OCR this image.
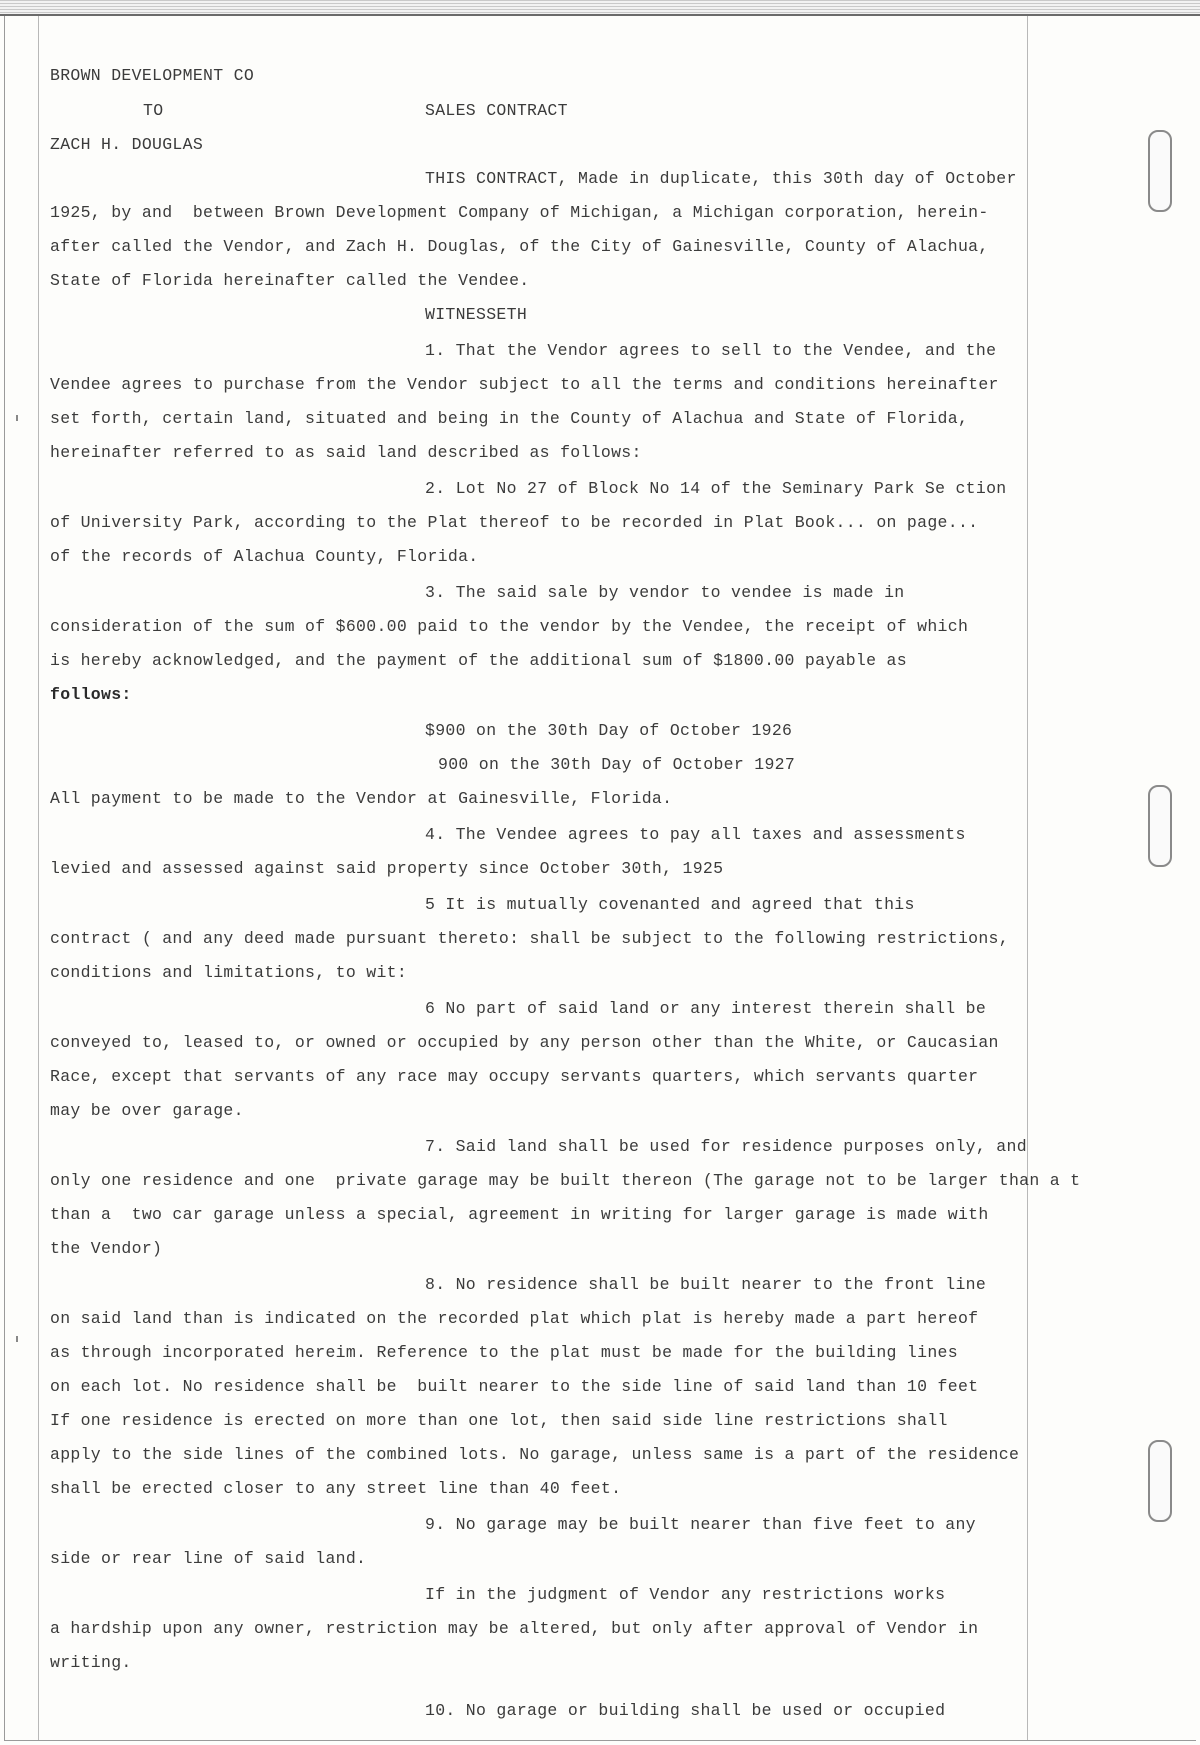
BROWN DEVELOPMENT CO

TO	SALES CONTRACT

ZACH H. DOUGLAS

THIS CONTRACT, Made in duplicate, this 30th day of October

1925, by and  between Brown Development Company of Michigan, a Michigan corporation, herein-

after called the Vendor, and Zach H. Douglas, of the City of Gainesville, County of Alachua,

State of Florida hereinafter called the Vendee.

WITNESSETH

1. That the Vendor agrees to sell to the Vendee, and the

Vendee agrees to purchase from the Vendor subject to all the terms and conditions hereinafter

set forth, certain land, situated and being in the County of Alachua and State of Florida,

hereinafter referred to as said land described as follows:

2. Lot No 27 of Block No 14 of the Seminary Park Se ction

of University Park, according to the Plat thereof to be recorded in Plat Book... on page...

of the records of Alachua County, Florida.

3. The said sale by vendor to vendee is made in

consideration of the sum of $600.00 paid to the vendor by the Vendee, the receipt of which

is hereby acknowledged, and the payment of the additional sum of $1800.00 payable as

follows:

$900 on the 30th Day of October 1926

900 on the 30th Day of October 1927

All payment to be made to the Vendor at Gainesville, Florida.

4. The Vendee agrees to pay all taxes and assessments

levied and assessed against said property since October 30th, 1925

5 It is mutually covenanted and agreed that this

contract ( and any deed made pursuant thereto: shall be subject to the following restrictions,

conditions and limitations, to wit:

6 No part of said land or any interest therein shall be

conveyed to, leased to, or owned or occupied by any person other than the White, or Caucasian

Race, except that servants of any race may occupy servants quarters, which servants quarter

may be over garage.

7. Said land shall be used for residence purposes only, and

only one residence and one  private garage may be built thereon (The garage not to be larger than a t

than a  two car garage unless a special, agreement in writing for larger garage is made with

the Vendor)

8. No residence shall be built nearer to the front line

on said land than is indicated on the recorded plat which plat is hereby made a part hereof

as through incorporated hereim. Reference to the plat must be made for the building lines

on each lot. No residence shall be  built nearer to the side line of said land than 10 feet

If one residence is erected on more than one lot, then said side line restrictions shall

apply to the side lines of the combined lots. No garage, unless same is a part of the residence

shall be erected closer to any street line than 40 feet.

9. No garage may be built nearer than five feet to any

side or rear line of said land.

If in the judgment of Vendor any restrictions works

a hardship upon any owner, restriction may be altered, but only after approval of Vendor in

writing.

10. No garage or building shall be used or occupied
